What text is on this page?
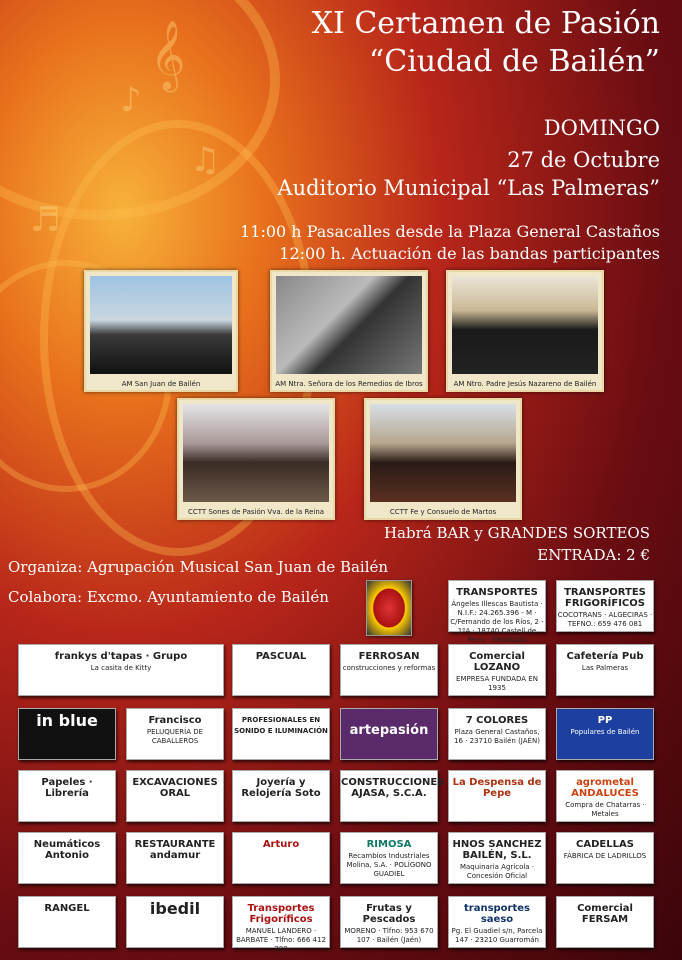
♪
♫
♬
𝄞	XI Certamen de Pasión
“Ciudad de Bailén”
DOMINGO
27 de Octubre
Auditorio Municipal “Las Palmeras”
11:00 h Pasacalles desde la Plaza General Castaños
12:00 h. Actuación de las bandas participantes
AM San Juan de Bailén	AM Ntra. Señora de los Remedios de Ibros	AM Ntro. Padre Jesús Nazareno de Bailén
CCTT Sones de Pasión Vva. de la Reina	CCTT Fe y Consuelo de Martos
Habrá BAR y GRANDES SORTEOS
ENTRADA: 2 €
Organiza: Agrupación Musical San Juan de Bailén
Colabora: Excmo. Ayuntamiento de Bailén	TRANSPORTES
Ángeles Illescas Bautista · N.I.F.: 24.265.396 - M · C/Fernando de los Ríos, 2 - 1ºA · 18740 Castell de Ferro - GRANADA
TRANSPORTES FRIGORÍFICOS
COCOTRANS · ALGECIRAS · TEFNO.: 659 476 081
frankys d'tapas · Grupo
La casita de Kitty
PASCUAL	FERROSAN
construcciones y reformas
Comercial LOZANO
EMPRESA FUNDADA EN 1935
Cafetería Pub
Las Palmeras
in blue	Francisco
PELUQUERÍA DE CABALLEROS
PROFESIONALES EN SONIDO E ILUMINACIÓN	artepasión
7 COLORES
Plaza General Castaños, 16 · 23710 Bailén (JAÉN)
PP
Populares de Bailén
Papeles · Librería
EXCAVACIONES ORAL
Joyería y Relojería Soto
CONSTRUCCIONES AJASA, S.C.A.
La Despensa de Pepe
agrometal ANDALUCES
Compra de Chatarras · Metales
Neumáticos Antonio
RESTAURANTE andamur
Arturo	RIMOSA
Recambios Industriales Molina, S.A. · POLÍGONO GUADIEL
HNOS SANCHEZ BAILÉN, S.L.
Maquinaria Agrícola · Concesión Oficial
CADELLAS
FÁBRICA DE LADRILLOS
RANGEL	ibedil	Transportes Frigoríficos
MANUEL LANDERO · BARBATE · Tlfno: 666 412 200
Frutas y Pescados
MORENO · Tlfno: 953 670 107 · Bailén (Jaén)
transportes saeso
Pg. El Guadiel s/n, Parcela 147 · 23210 Guarromán
Comercial FERSAM
